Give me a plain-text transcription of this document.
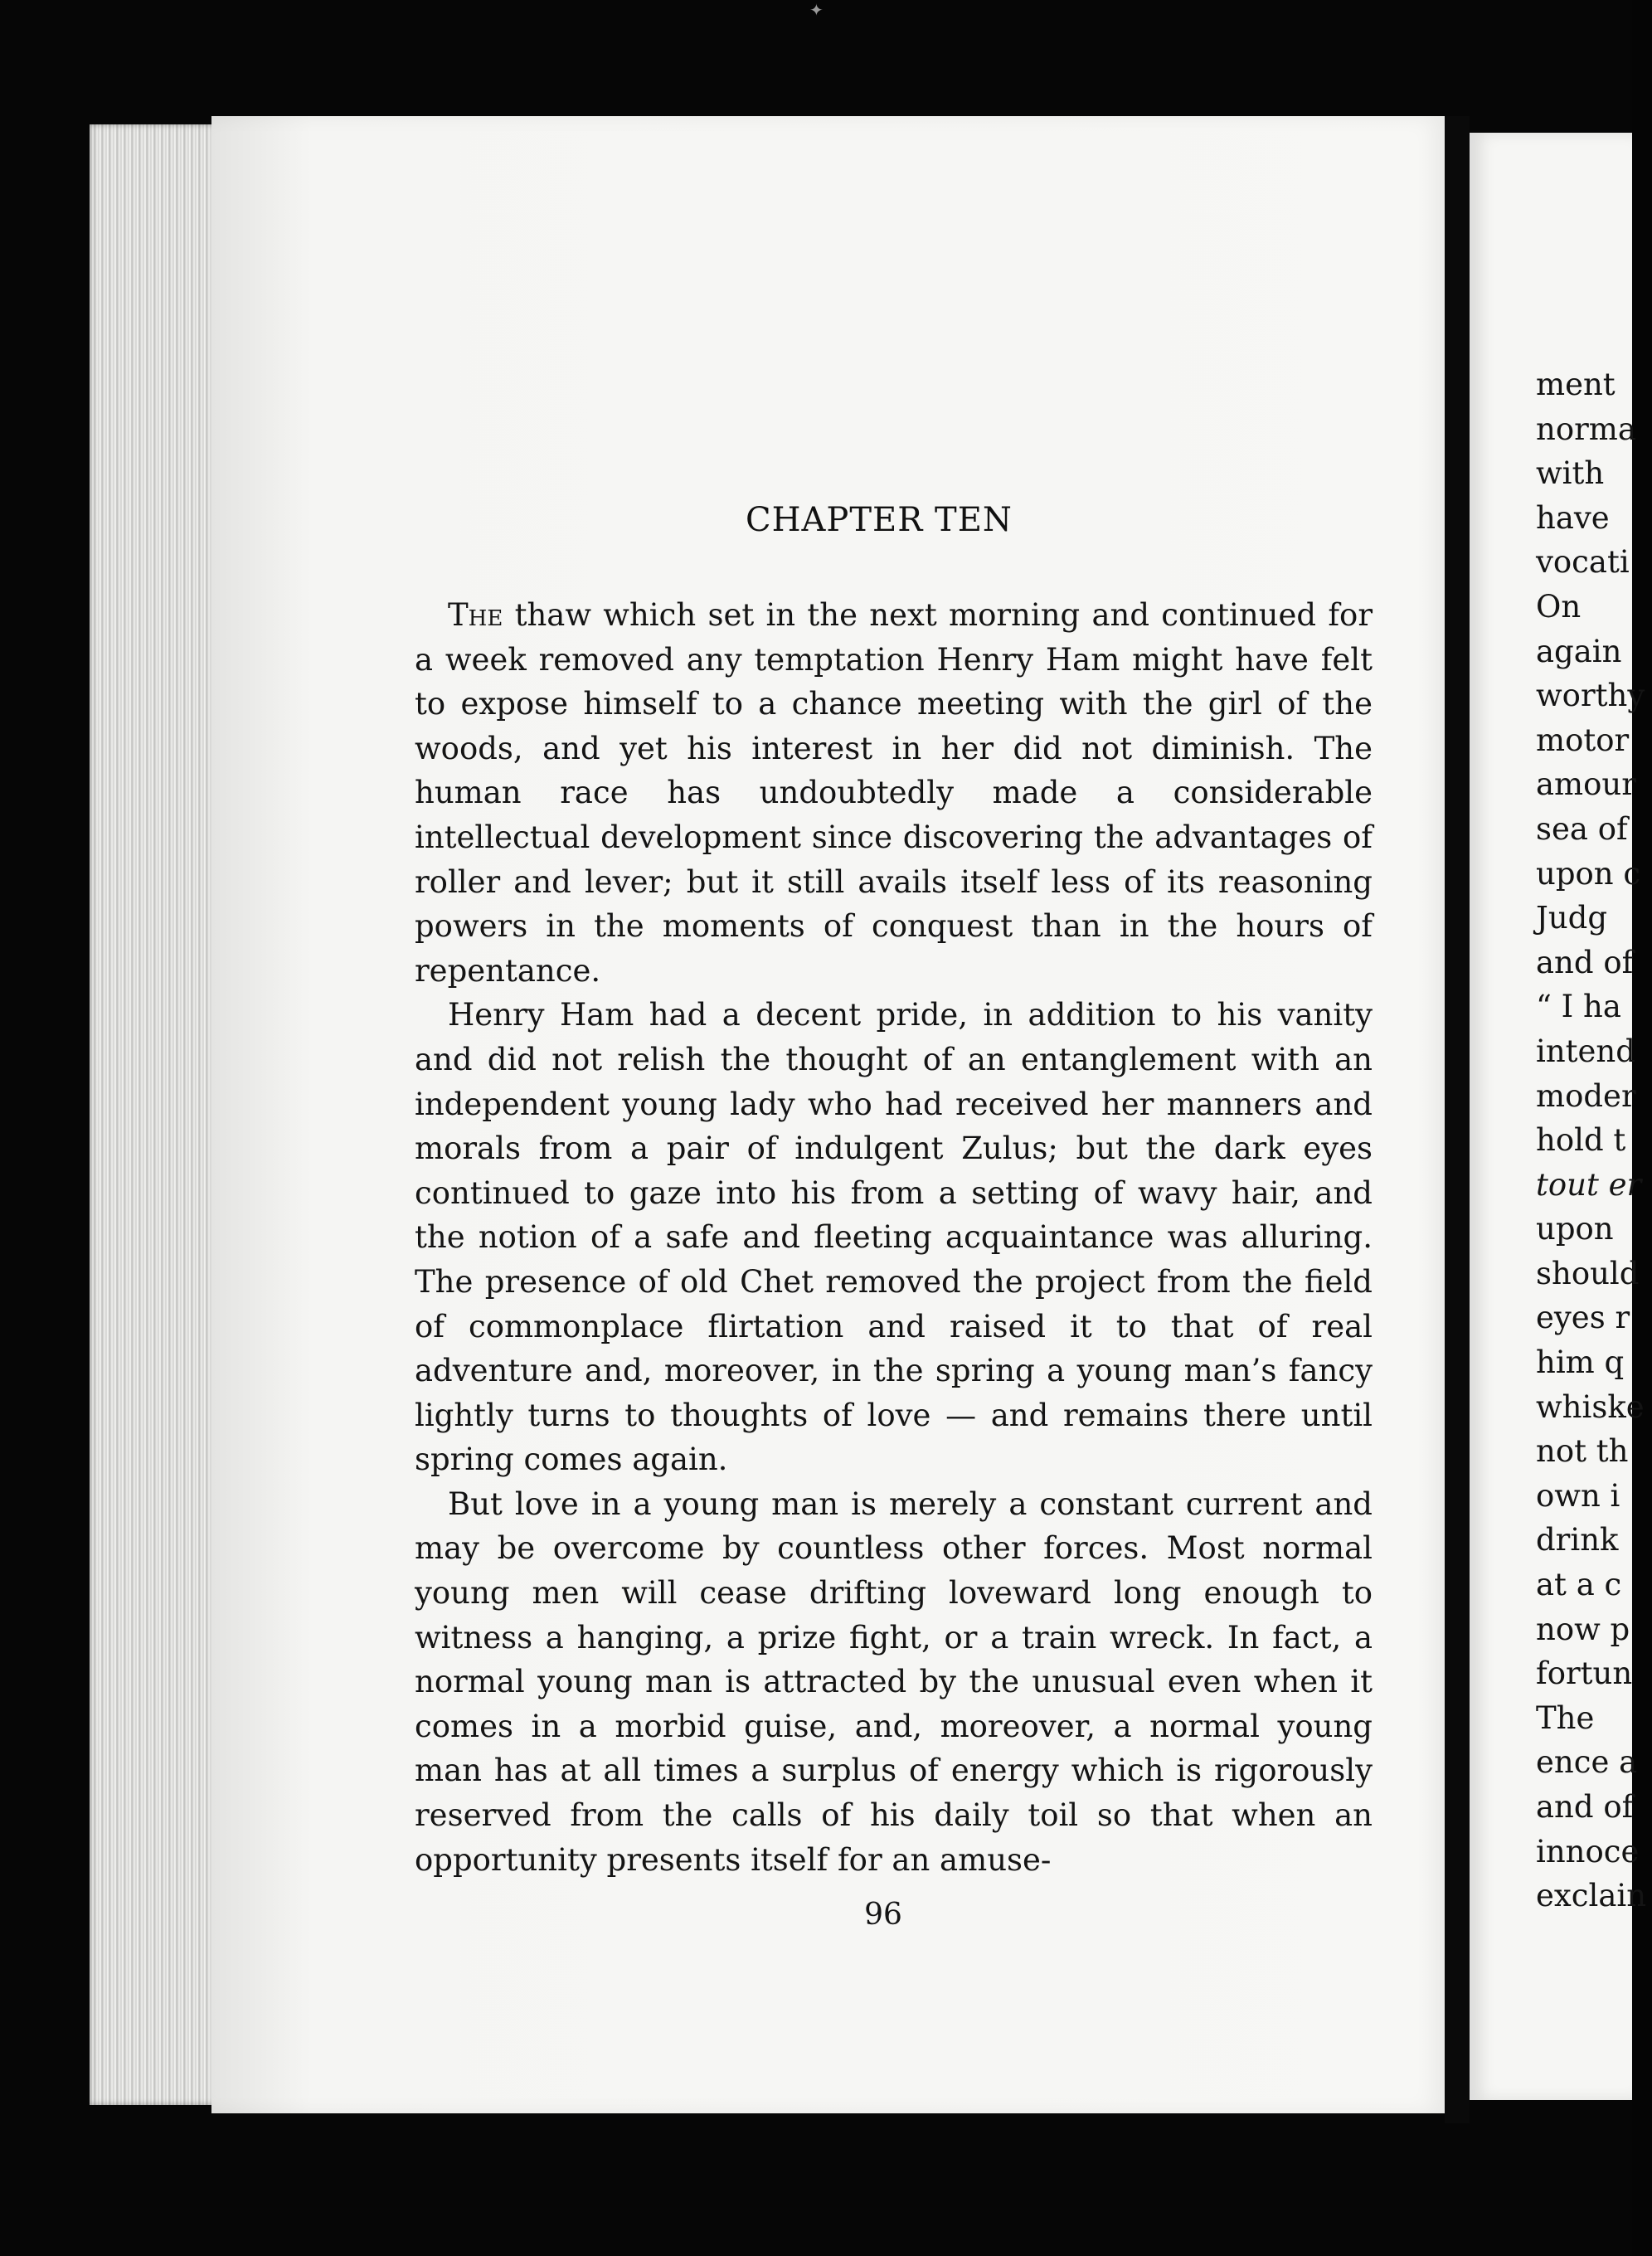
✦
CHAPTER TEN

The thaw which set in the next morning and continued for a week removed any temptation Henry Ham might have felt to expose himself to a chance meeting with the girl of the woods, and yet his interest in her did not diminish. The human race has undoubtedly made a considerable intellectual development since discovering the advantages of roller and lever; but it still avails itself less of its reasoning powers in the moments of conquest than in the hours of repentance.

Henry Ham had a decent pride, in addition to his vanity and did not relish the thought of an entanglement with an independent young lady who had received her manners and morals from a pair of indulgent Zulus; but the dark eyes continued to gaze into his from a setting of wavy hair, and the notion of a safe and fleeting acquaintance was alluring. The presence of old Chet removed the project from the field of commonplace flirtation and raised it to that of real adventure and, moreover, in the spring a young man’s fancy lightly turns to thoughts of love — and remains there until spring comes again.

But love in a young man is merely a constant current and may be overcome by countless other forces. Most normal young men will cease drifting loveward long enough to witness a hanging, a prize fight, or a train wreck. In fact, a normal young man is attracted by the unusual even when it comes in a morbid guise, and, moreover, a normal young man has at all times a surplus of energy which is rigorously reserved from the calls of his daily toil so that when an opportunity presents itself for an amuse-

96
ment
norma
with
have
vocati
On
again
worthy
motor
amour
sea of
upon c
Judg
and of
“ I ha
intend
moder
hold t
tout er
upon
should
eyes r
him q
whiske
not th
own i
drink
at a c
now p
fortun
The
ence a
and of
innoce
exclain
